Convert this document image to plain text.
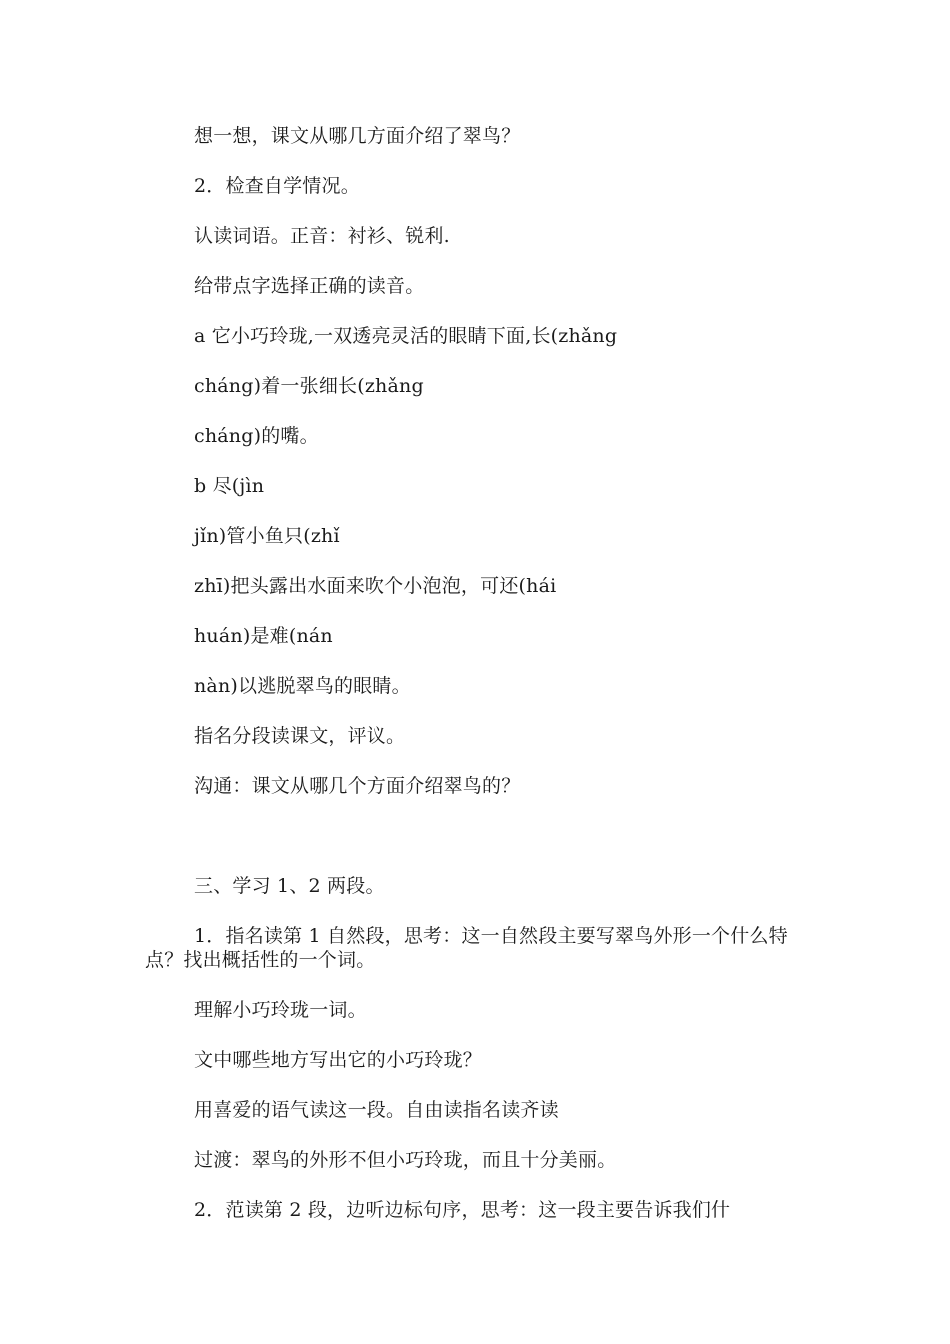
想一想，课文从哪几方面介绍了翠鸟？
2．检查自学情况。
认读词语。正音：衬衫、锐利.
给带点字选择正确的读音。
a 它小巧玲珑,一双透亮灵活的眼睛下面,长(zhǎng
cháng)着一张细长(zhǎng
cháng)的嘴。
b 尽(jìn
jǐn)管小鱼只(zhǐ
zhī)把头露出水面来吹个小泡泡，可还(hái
huán)是难(nán
nàn)以逃脱翠鸟的眼睛。
指名分段读课文，评议。
沟通：课文从哪几个方面介绍翠鸟的？
三、学习 1、2 两段。
1．指名读第 1 自然段，思考：这一自然段主要写翠鸟外形一个什么特点？找出概括性的一个词。
理解小巧玲珑一词。
文中哪些地方写出它的小巧玲珑？
用喜爱的语气读这一段。自由读指名读齐读
过渡：翠鸟的外形不但小巧玲珑，而且十分美丽。
2．范读第 2 段，边听边标句序，思考：这一段主要告诉我们什
